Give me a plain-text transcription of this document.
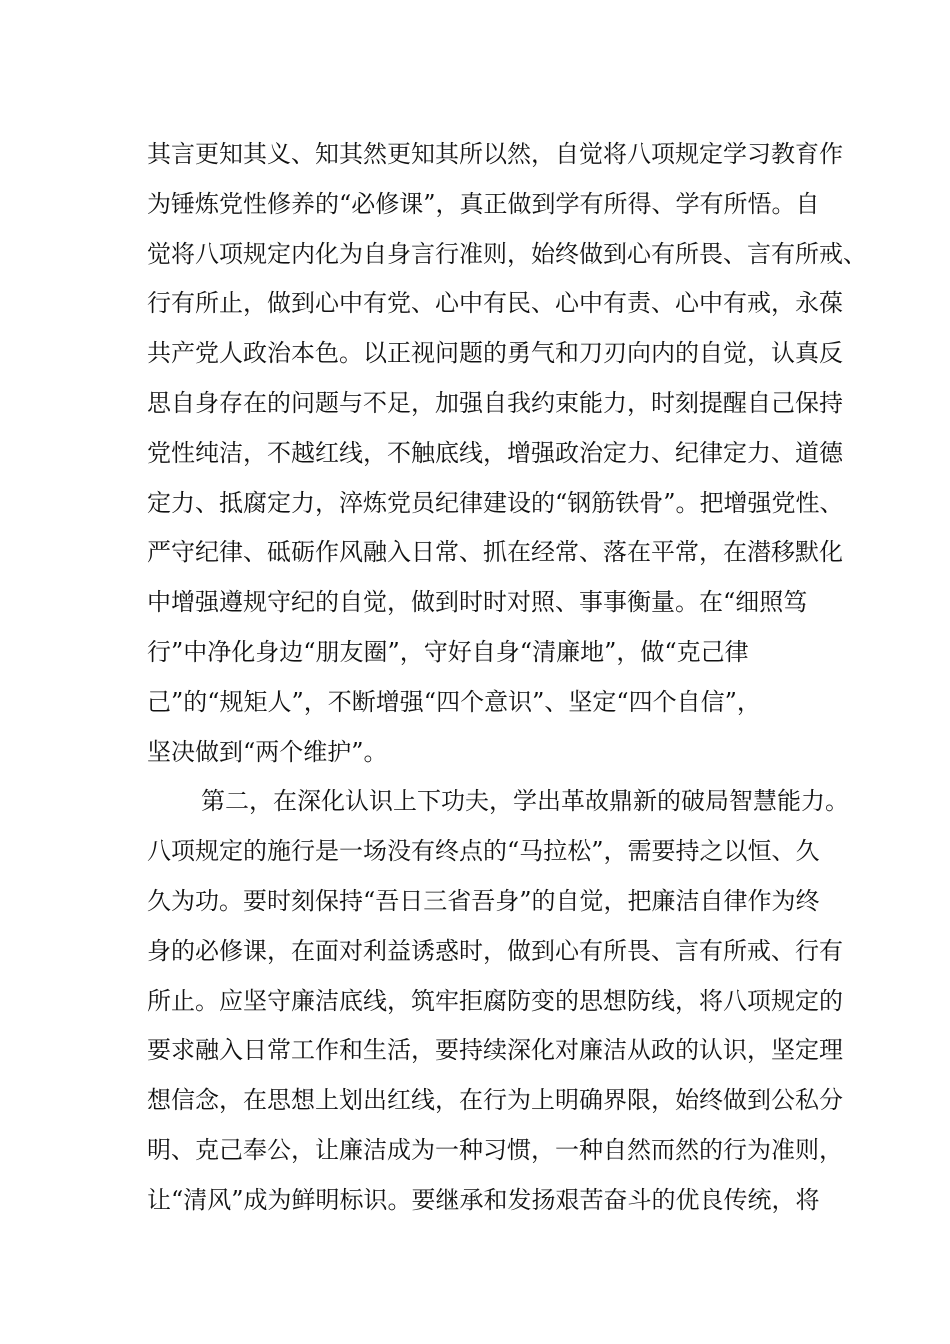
其言更知其义、知其然更知其所以然，自觉将八项规定学习教育作
为锤炼党性修养的“必修课”，真正做到学有所得、学有所悟。自
觉将八项规定内化为自身言行准则，始终做到心有所畏、言有所戒、
行有所止，做到心中有党、心中有民、心中有责、心中有戒，永葆
共产党人政治本色。以正视问题的勇气和刀刃向内的自觉，认真反
思自身存在的问题与不足，加强自我约束能力，时刻提醒自己保持
党性纯洁，不越红线，不触底线，增强政治定力、纪律定力、道德
定力、抵腐定力，淬炼党员纪律建设的“钢筋铁骨”。把增强党性、
严守纪律、砥砺作风融入日常、抓在经常、落在平常，在潜移默化
中增强遵规守纪的自觉，做到时时对照、事事衡量。在“细照笃
行”中净化身边“朋友圈”，守好自身“清廉地”，做“克己律
己”的“规矩人”，不断增强“四个意识”、坚定“四个自信”，
坚决做到“两个维护”。
第二，在深化认识上下功夫，学出革故鼎新的破局智慧能力。
八项规定的施行是一场没有终点的“马拉松”，需要持之以恒、久
久为功。要时刻保持“吾日三省吾身”的自觉，把廉洁自律作为终
身的必修课，在面对利益诱惑时，做到心有所畏、言有所戒、行有
所止。应坚守廉洁底线，筑牢拒腐防变的思想防线，将八项规定的
要求融入日常工作和生活，要持续深化对廉洁从政的认识，坚定理
想信念，在思想上划出红线，在行为上明确界限，始终做到公私分
明、克己奉公，让廉洁成为一种习惯，一种自然而然的行为准则，
让“清风”成为鲜明标识。要继承和发扬艰苦奋斗的优良传统，将
